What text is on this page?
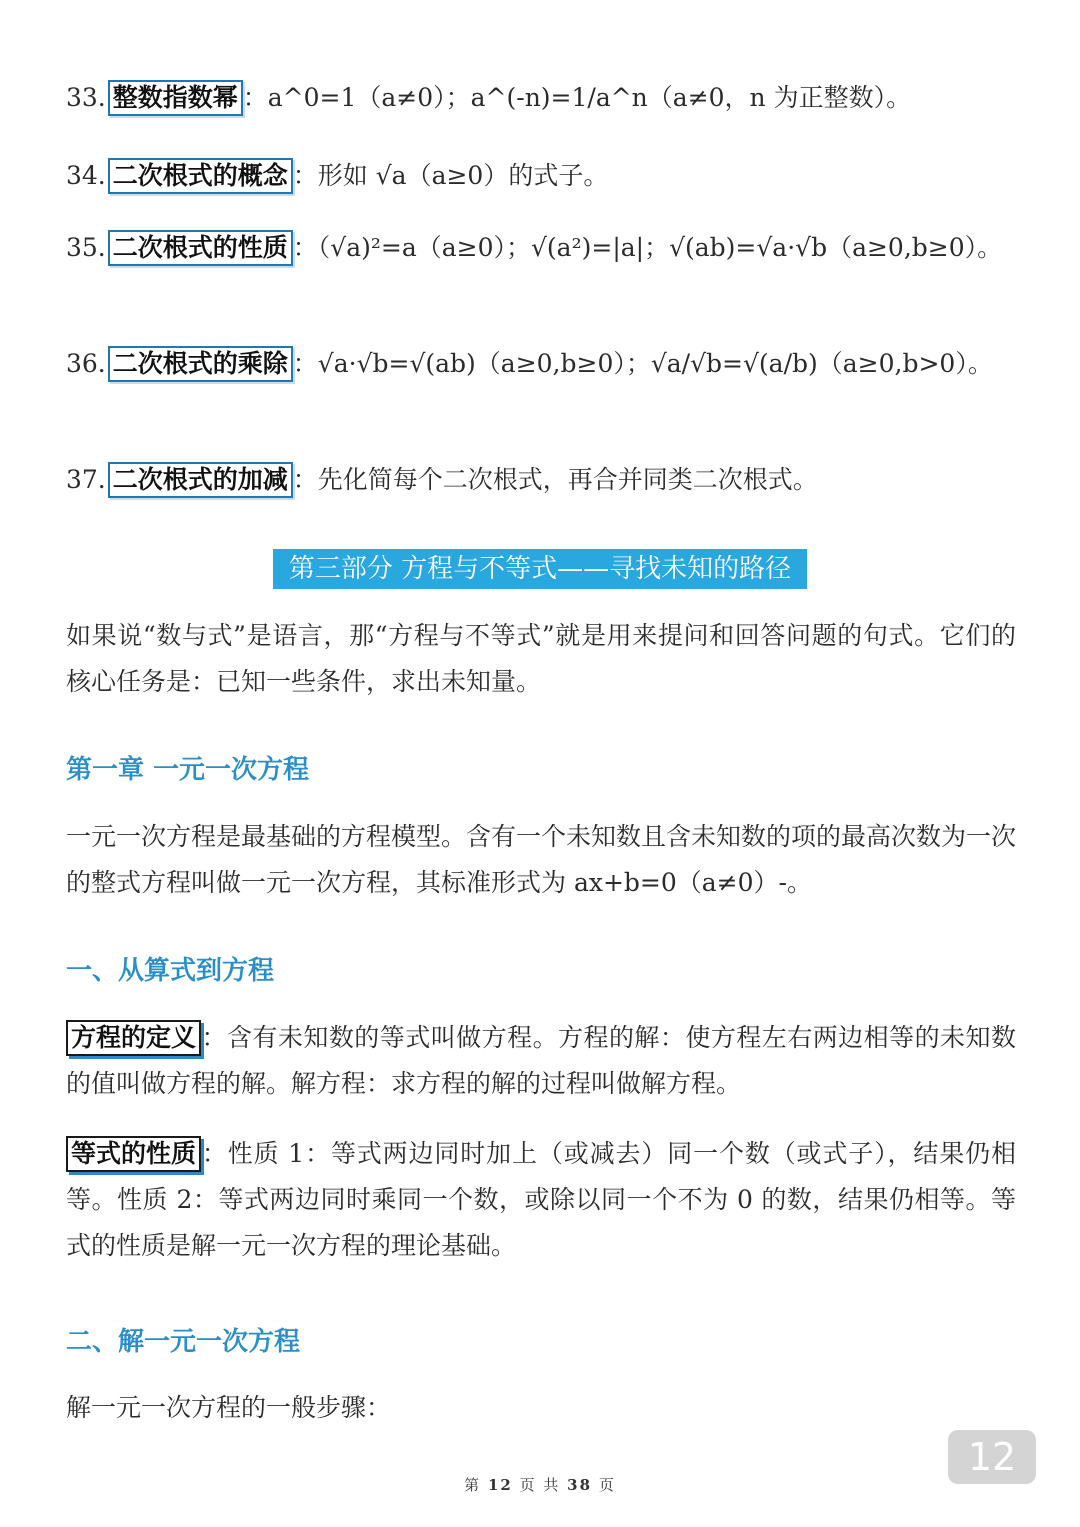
33. 整数指数幂 ：a^0=1（a≠0）；a^(-n)=1/a^n（a≠0，n 为正整数）。
34. 二次根式的概念 ：形如 √a（a≥0）的式子。
35. 二次根式的性质 ：（√a)²=a（a≥0）；√(a²)=|a|；√(ab)=√a·√b（a≥0,b≥0）。
36. 二次根式的乘除 ：√a·√b=√(ab)（a≥0,b≥0）；√a/√b=√(a/b)（a≥0,b>0）。
37. 二次根式的加减 ：先化简每个二次根式，再合并同类二次根式。
第三部分 方程与不等式——寻找未知的路径
如果说“数与式”是语言，那“方程与不等式”就是用来提问和回答问题的句式。它们的核心任务是：已知一些条件，求出未知量。
第一章 一元一次方程
一元一次方程是最基础的方程模型。含有一个未知数且含未知数的项的最高次数为一次的整式方程叫做一元一次方程，其标准形式为 ax+b=0（a≠0）-。
一、从算式到方程
方程的定义 ：含有未知数的等式叫做方程。方程的解：使方程左右两边相等的未知数的值叫做方程的解。解方程：求方程的解的过程叫做解方程。
等式的性质 ：性质 1：等式两边同时加上（或减去）同一个数（或式子），结果仍相等。性质 2：等式两边同时乘同一个数，或除以同一个不为 0 的数，结果仍相等。等式的性质是解一元一次方程的理论基础。
二、解一元一次方程
解一元一次方程的一般步骤：
12
第 12 页 共 38 页
